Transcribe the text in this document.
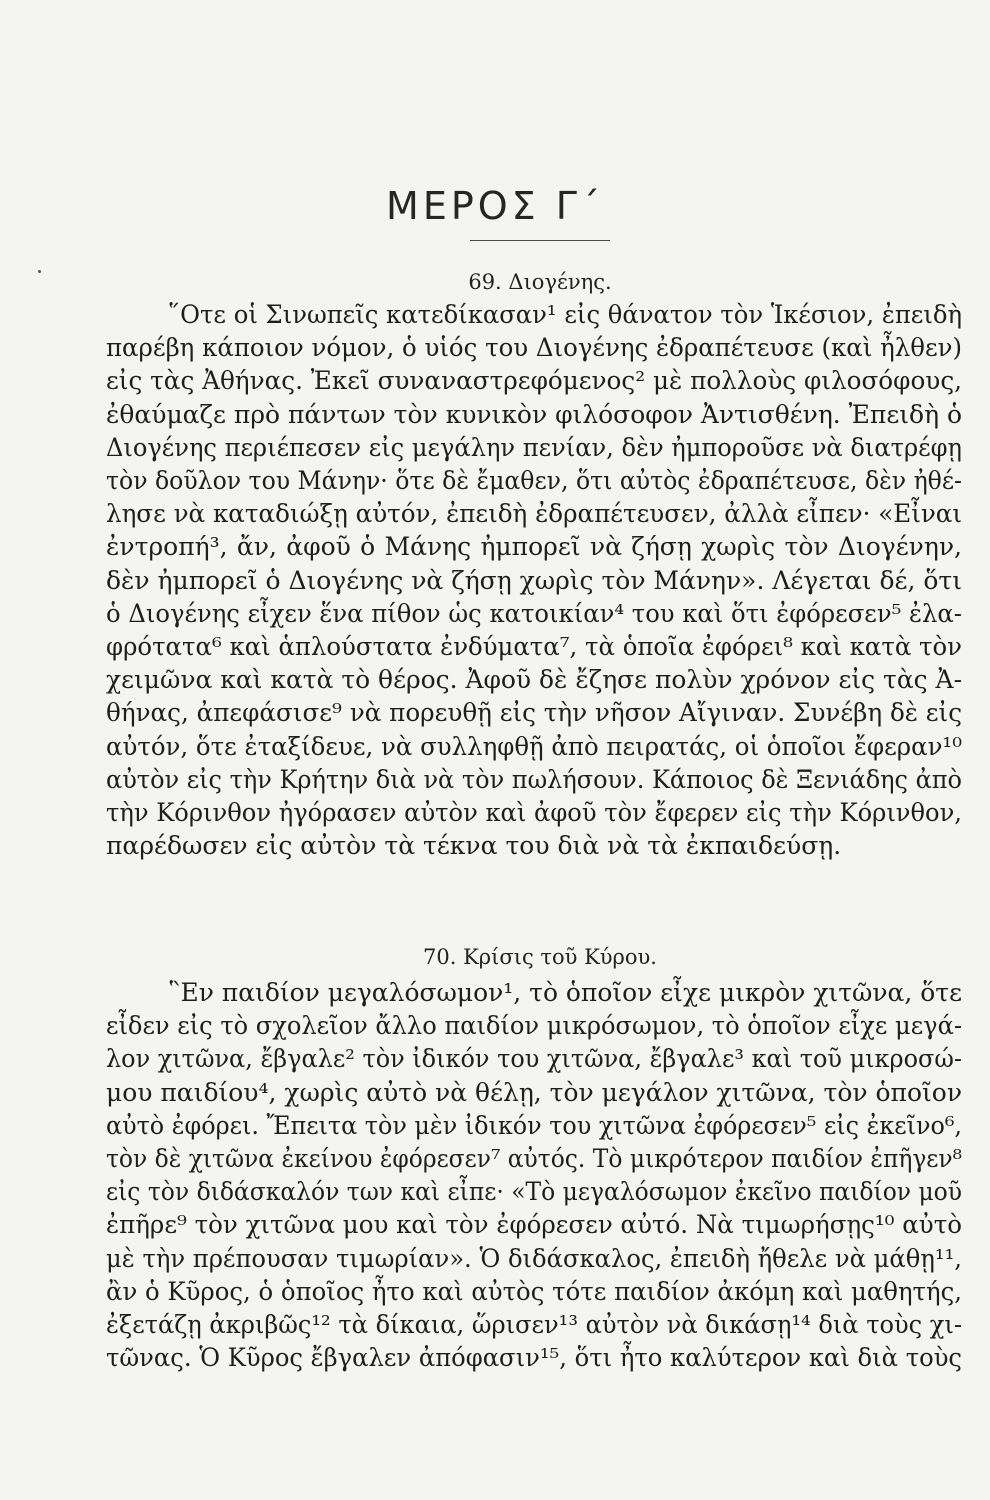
ΜΕΡΟΣ Γ΄
69. Διογένης.
῞Οτε οἱ Σινωπεῖς κατεδίκασαν¹ εἰς θάνατον τὸν Ἱκέσιον, ἐπειδὴ
παρέβη κάποιον νόμον, ὁ υἱός του Διογένης ἐδραπέτευσε (καὶ ἦλθεν)
εἰς τὰς Ἀθήνας. Ἐκεῖ συναναστρεφόμενος² μὲ πολλοὺς φιλοσόφους,
ἐθαύμαζε πρὸ πάντων τὸν κυνικὸν φιλόσοφον Ἀντισθένη. Ἐπειδὴ ὁ
Διογένης περιέπεσεν εἰς μεγάλην πενίαν, δὲν ἠμποροῦσε νὰ διατρέφῃ
τὸν δοῦλον του Μάνην· ὅτε δὲ ἔμαθεν, ὅτι αὐτὸς ἐδραπέτευσε, δὲν ἠθέ-
λησε νὰ καταδιώξῃ αὐτόν, ἐπειδὴ ἐδραπέτευσεν, ἀλλὰ εἶπεν· «Εἶναι
ἐντροπή³, ἄν, ἀφοῦ ὁ Μάνης ἠμπορεῖ νὰ ζήσῃ χωρὶς τὸν Διογένην,
δὲν ἠμπορεῖ ὁ Διογένης νὰ ζήσῃ χωρὶς τὸν Μάνην». Λέγεται δέ, ὅτι
ὁ Διογένης εἶχεν ἕνα πίθον ὡς κατοικίαν⁴ του καὶ ὅτι ἐφόρεσεν⁵ ἐλα-
φρότατα⁶ καὶ ἁπλούστατα ἐνδύματα⁷, τὰ ὁποῖα ἐφόρει⁸ καὶ κατὰ τὸν
χειμῶνα καὶ κατὰ τὸ θέρος. Ἀφοῦ δὲ ἔζησε πολὺν χρόνον εἰς τὰς Ἀ-
θήνας, ἀπεφάσισε⁹ νὰ πορευθῇ εἰς τὴν νῆσον Αἴγιναν. Συνέβη δὲ εἰς
αὐτόν, ὅτε ἐταξίδευε, νὰ συλληφθῇ ἀπὸ πειρατάς, οἱ ὁποῖοι ἔφεραν¹⁰
αὐτὸν εἰς τὴν Κρήτην διὰ νὰ τὸν πωλήσουν. Κάποιος δὲ Ξενιάδης ἀπὸ
τὴν Κόρινθον ἠγόρασεν αὐτὸν καὶ ἀφοῦ τὸν ἔφερεν εἰς τὴν Κόρινθον,
παρέδωσεν εἰς αὐτὸν τὰ τέκνα του διὰ νὰ τὰ ἐκπαιδεύσῃ.
70. Κρίσις τοῦ Κύρου.
῝Εν παιδίον μεγαλόσωμον¹, τὸ ὁποῖον εἶχε μικρὸν χιτῶνα, ὅτε
εἶδεν εἰς τὸ σχολεῖον ἄλλο παιδίον μικρόσωμον, τὸ ὁποῖον εἶχε μεγά-
λον χιτῶνα, ἔβγαλε² τὸν ἰδικόν του χιτῶνα, ἔβγαλε³ καὶ τοῦ μικροσώ-
μου παιδίου⁴, χωρὶς αὐτὸ νὰ θέλῃ, τὸν μεγάλον χιτῶνα, τὸν ὁποῖον
αὐτὸ ἐφόρει. Ἔπειτα τὸν μὲν ἰδικόν του χιτῶνα ἐφόρεσεν⁵ εἰς ἐκεῖνο⁶,
τὸν δὲ χιτῶνα ἐκείνου ἐφόρεσεν⁷ αὐτός. Τὸ μικρότερον παιδίον ἐπῆγεν⁸
εἰς τὸν διδάσκαλόν των καὶ εἶπε· «Τὸ μεγαλόσωμον ἐκεῖνο παιδίον μοῦ
ἐπῆρε⁹ τὸν χιτῶνα μου καὶ τὸν ἐφόρεσεν αὐτό. Νὰ τιμωρήσῃς¹⁰ αὐτὸ
μὲ τὴν πρέπουσαν τιμωρίαν». Ὁ διδάσκαλος, ἐπειδὴ ἤθελε νὰ μάθῃ¹¹,
ἂν ὁ Κῦρος, ὁ ὁποῖος ἦτο καὶ αὐτὸς τότε παιδίον ἀκόμη καὶ μαθητής,
ἐξετάζῃ ἀκριβῶς¹² τὰ δίκαια, ὥρισεν¹³ αὐτὸν νὰ δικάσῃ¹⁴ διὰ τοὺς χι-
τῶνας. Ὁ Κῦρος ἔβγαλεν ἀπόφασιν¹⁵, ὅτι ἦτο καλύτερον καὶ διὰ τοὺς
